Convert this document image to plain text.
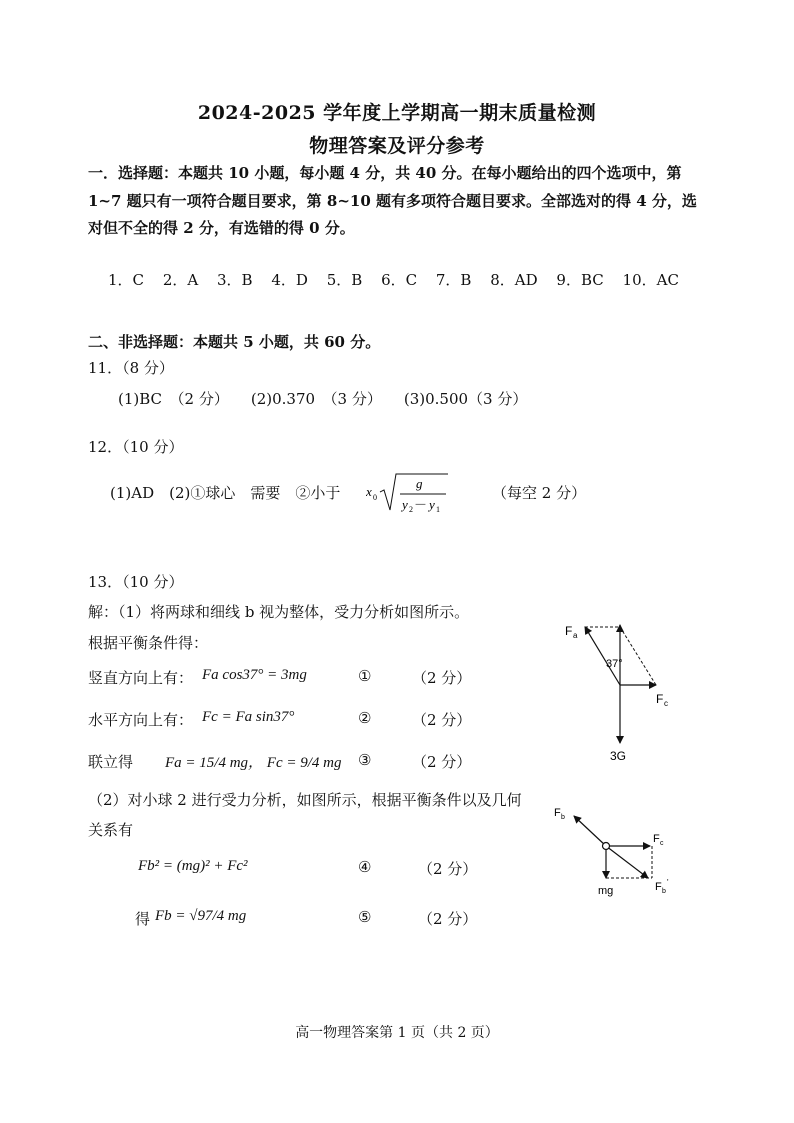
2024-2025 学年度上学期高一期末质量检测
物理答案及评分参考
一．选择题：本题共 10 小题，每小题 4 分，共 40 分。在每小题给出的四个选项中，第
1~7 题只有一项符合题目要求，第 8~10 题有多项符合题目要求。全部选对的得 4 分，选
对但不全的得 2 分，有选错的得 0 分。
1．C 2．A 3．B 4．D 5．B 6．C 7．B 8．AD 9．BC 10．AC
二、非选择题：本题共 5 小题，共 60 分。
11．（8 分）
(1)BC　（2 分） (2)0.370　（3 分） (3)0.500（3 分）
12．（10 分）
(1)AD　(2)①球心　需要　②小于 x 0
g
y 2 － y 1
（每空 2 分）
13．（10 分）
解：（1）将两球和细线 b 视为整体，受力分析如图所示。
根据平衡条件得：
竖直方向上有： Fa cos37° = 3mg	①	（2 分）
水平方向上有： Fc = Fa sin37°	②	（2 分）
联立得 Fa = 15/4 mg， Fc = 9/4 mg ③	（2 分）
（2）对小球 2 进行受力分析，如图所示，根据平衡条件以及几何
关系有
Fb² = (mg)² + Fc²	④	（2 分）
得 Fb = √97/4 mg	⑤	（2 分）
F a
37°
F c
3G
F b
F c
mg	F b
'
高一物理答案第 1 页（共 2 页）
